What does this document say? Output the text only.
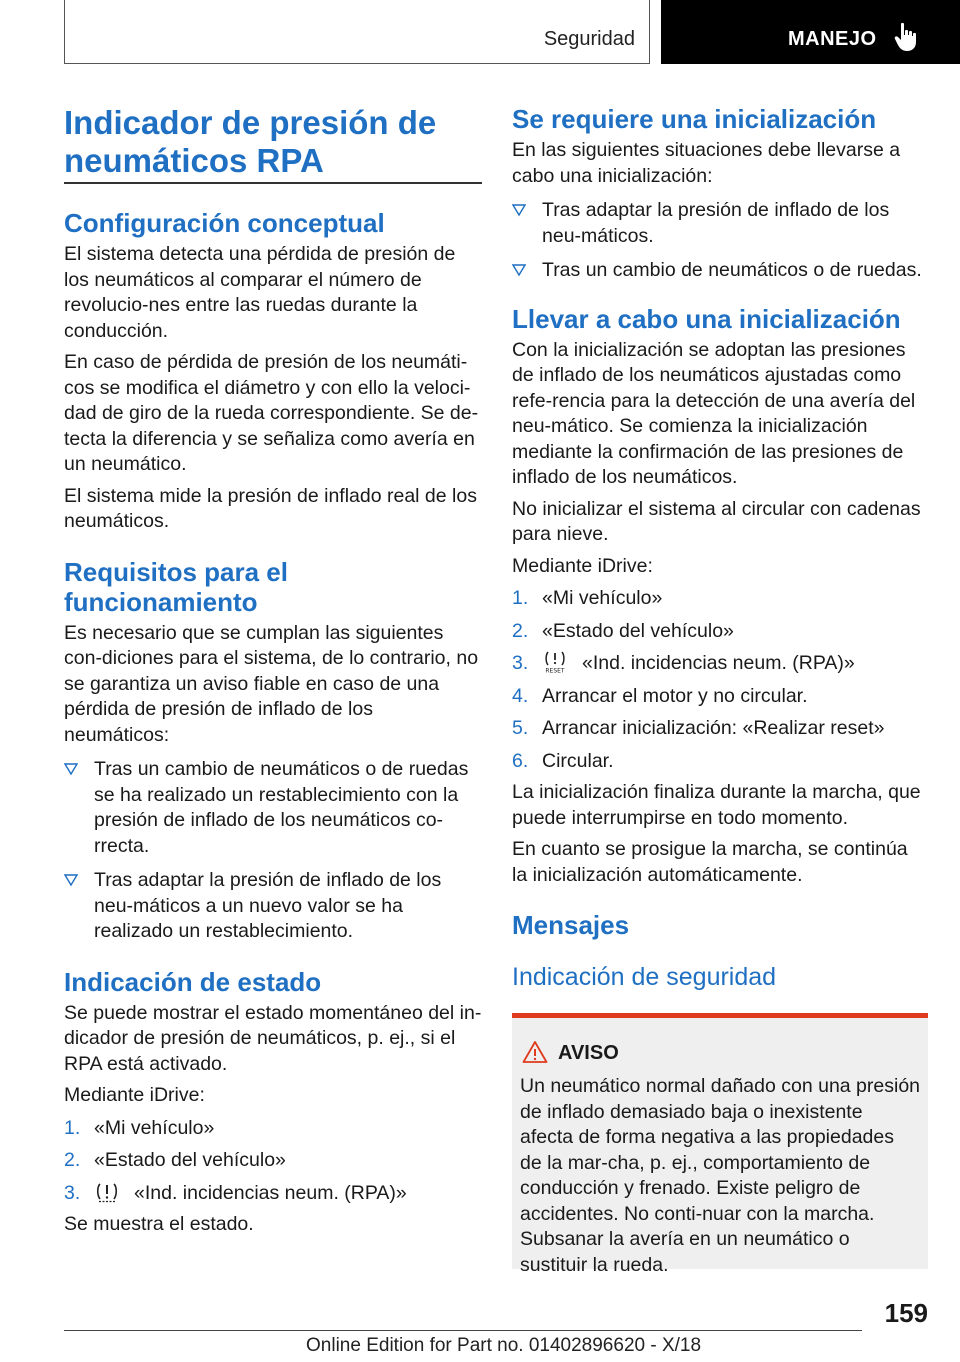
Seguridad	MANEJO
Indicador de presión de neumáticos RPA
Configuración conceptual
El sistema detecta una pérdida de presión de los neumáticos al comparar el número de revolucio-nes entre las ruedas durante la conducción.
En caso de pérdida de presión de los neumáti-cos se modifica el diámetro y con ello la veloci-dad de giro de la rueda correspondiente. Se de-tecta la diferencia y se señaliza como avería en un neumático.
El sistema mide la presión de inflado real de los neumáticos.
Requisitos para el funcionamiento
Es necesario que se cumplan las siguientes con-diciones para el sistema, de lo contrario, no se garantiza un aviso fiable en caso de una pérdida de presión de inflado de los neumáticos:
Tras un cambio de neumáticos o de ruedas se ha realizado un restablecimiento con la presión de inflado de los neumáticos co-rrecta.
Tras adaptar la presión de inflado de los neu-máticos a un nuevo valor se ha realizado un restablecimiento.
Indicación de estado
Se puede mostrar el estado momentáneo del in-dicador de presión de neumáticos, p. ej., si el RPA está activado.
Mediante iDrive:
1. «Mi vehículo»
2. «Estado del vehículo»
3.	«Ind. incidencias neum. (RPA)»
Se muestra el estado.
Se requiere una inicialización
En las siguientes situaciones debe llevarse a cabo una inicialización:
Tras adaptar la presión de inflado de los neu-máticos.
Tras un cambio de neumáticos o de ruedas.
Llevar a cabo una inicialización
Con la inicialización se adoptan las presiones de inflado de los neumáticos ajustadas como refe-rencia para la detección de una avería del neu-mático. Se comienza la inicialización mediante la confirmación de las presiones de inflado de los neumáticos.
No inicializar el sistema al circular con cadenas para nieve.
Mediante iDrive:
1. «Mi vehículo»
2. «Estado del vehículo»
3.	RESET «Ind. incidencias neum. (RPA)»
4. Arrancar el motor y no circular.
5. Arrancar inicialización: «Realizar reset»
6. Circular.
La inicialización finaliza durante la marcha, que puede interrumpirse en todo momento.
En cuanto se prosigue la marcha, se continúa la inicialización automáticamente.
Mensajes
Indicación de seguridad
AVISO
Un neumático normal dañado con una presión de inflado demasiado baja o inexistente afecta de forma negativa a las propiedades de la mar-cha, p. ej., comportamiento de conducción y frenado. Existe peligro de accidentes. No conti-nuar con la marcha. Subsanar la avería en un neumático o sustituir la rueda.
159
Online Edition for Part no. 01402896620 - X/18
